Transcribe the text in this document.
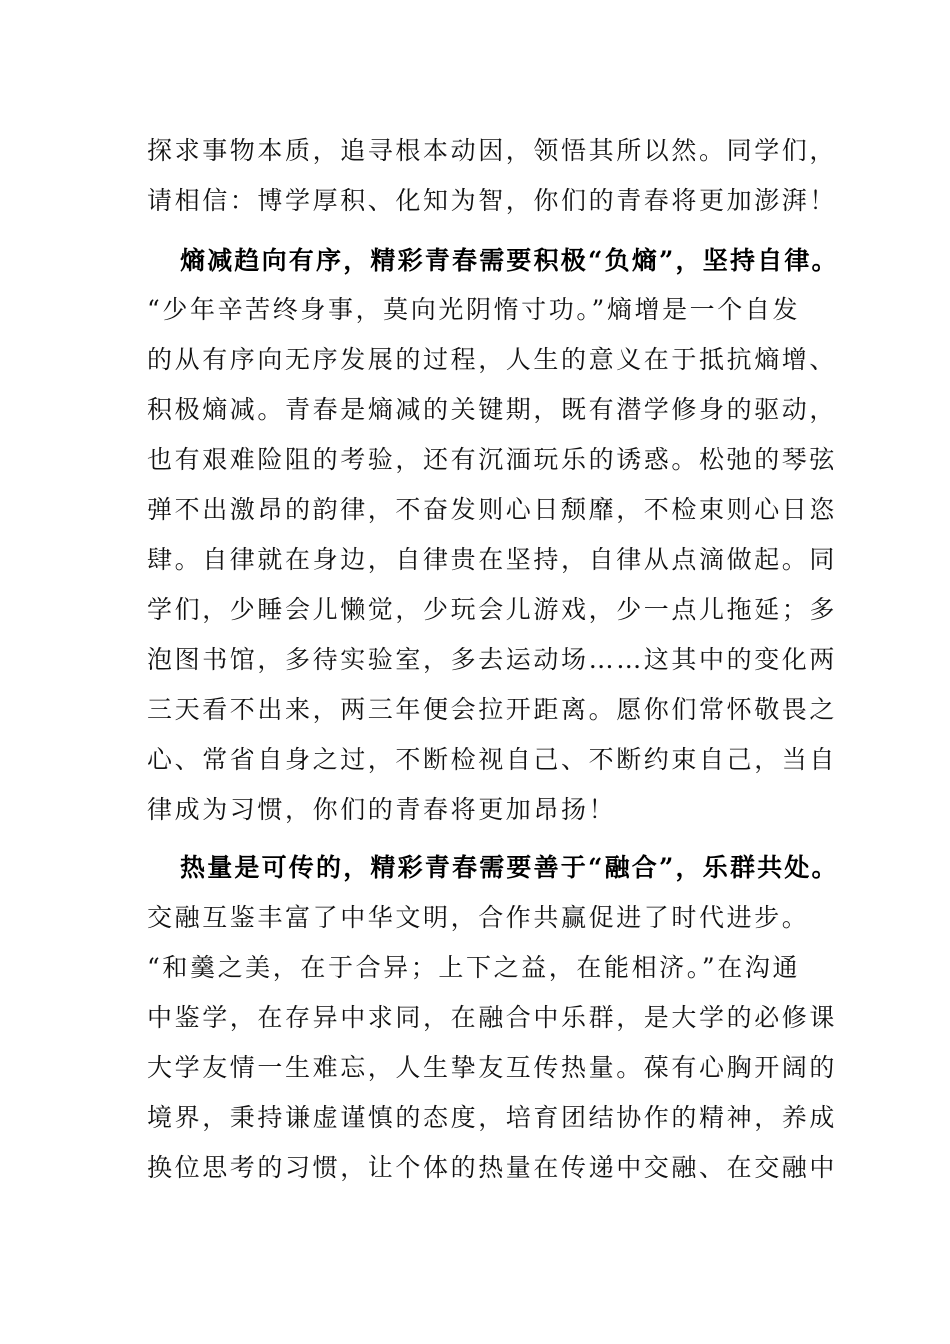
探求事物本质，追寻根本动因，领悟其所以然。同学们，
请相信：博学厚积、化知为智，你们的青春将更加澎湃！
熵减趋向有序，精彩青春需要积极“负熵”，坚持自律。
“少年辛苦终身事，莫向光阴惰寸功。”熵增是一个自发
的从有序向无序发展的过程，人生的意义在于抵抗熵增、
积极熵减。青春是熵减的关键期，既有潜学修身的驱动，
也有艰难险阻的考验，还有沉湎玩乐的诱惑。松弛的琴弦
弹不出激昂的韵律，不奋发则心日颓靡，不检束则心日恣
肆。自律就在身边，自律贵在坚持，自律从点滴做起。同
学们，少睡会儿懒觉，少玩会儿游戏，少一点儿拖延；多
泡图书馆，多待实验室，多去运动场……这其中的变化两
三天看不出来，两三年便会拉开距离。愿你们常怀敬畏之
心、常省自身之过，不断检视自己、不断约束自己，当自
律成为习惯，你们的青春将更加昂扬！
热量是可传的，精彩青春需要善于“融合”，乐群共处。
交融互鉴丰富了中华文明，合作共赢促进了时代进步。
“和羹之美，在于合异；上下之益，在能相济。”在沟通
中鉴学，在存异中求同，在融合中乐群，是大学的必修课
大学友情一生难忘，人生挚友互传热量。葆有心胸开阔的
境界，秉持谦虚谨慎的态度，培育团结协作的精神，养成
换位思考的习惯，让个体的热量在传递中交融、在交融中
